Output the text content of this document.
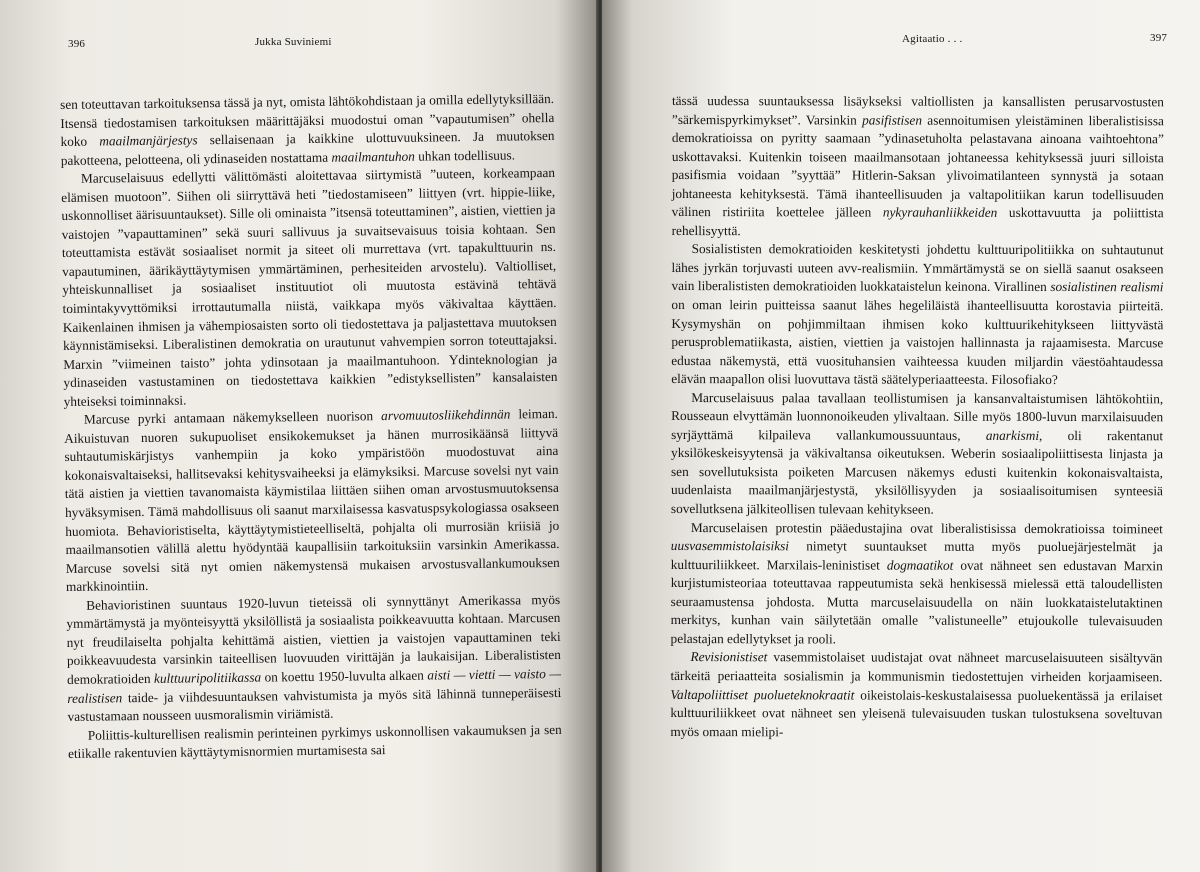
396	Jukka Suviniemi

sen toteuttavan tarkoituksensa tässä ja nyt, omista lähtökohdistaan ja omilla edellytyksillään. Itsensä tiedostamisen tarkoituksen määrittäjäksi muodostui oman ”vapautumisen” ohella koko maailmanjärjestys sellaisenaan ja kaikkine ulottuvuuksineen. Ja muutoksen pakotteena, pelotteena, oli ydinaseiden nostattama maailmantuhon uhkan todellisuus.

Marcuselaisuus edellytti välittömästi aloitettavaa siirtymistä ”uuteen, korkeampaan elämisen muotoon”. Siihen oli siirryttävä heti ”tiedostamiseen” liittyen (vrt. hippie-liike, uskonnolliset äärisuuntaukset). Sille oli ominaista ”itsensä toteuttaminen”, aistien, viettien ja vaistojen ”vapauttaminen” sekä suuri sallivuus ja suvaitsevaisuus toisia kohtaan. Sen toteuttamista estävät sosiaaliset normit ja siteet oli murrettava (vrt. tapakulttuurin ns. vapautuminen, äärikäyttäytymisen ymmärtäminen, perhesiteiden arvostelu). Valtiolliset, yhteiskunnalliset ja sosiaaliset instituutiot oli muutosta estävinä tehtävä toimintakyvyttömiksi irrottautumalla niistä, vaikkapa myös väkivaltaa käyttäen. Kaikenlainen ihmisen ja vähempiosaisten sorto oli tiedostettava ja paljastettava muutoksen käynnistämiseksi. Liberalistinen demokratia on urautunut vahvempien sorron toteuttajaksi. Marxin ”viimeinen taisto” johta ydinsotaan ja maailmantuhoon. Ydinteknologian ja ydinaseiden vastustaminen on tiedostettava kaikkien ”edistyksellisten” kansalaisten yhteiseksi toiminnaksi.

Marcuse pyrki antamaan näkemykselleen nuorison arvomuutosliikehdinnän leiman. Aikuistuvan nuoren sukupuoliset ensikokemukset ja hänen murrosikäänsä liittyvä suhtautumiskärjistys vanhempiin ja koko ympäristöön muodostuvat aina kokonaisvaltaiseksi, hallitsevaksi kehitysvaiheeksi ja elämyksiksi. Marcuse sovelsi nyt vain tätä aistien ja viettien tavanomaista käymistilaa liittäen siihen oman arvostusmuutoksensa hyväksymisen. Tämä mahdollisuus oli saanut marxilaisessa kasvatuspsykologiassa osakseen huomiota. Behavioristiselta, käyttäytymistieteelliseltä, pohjalta oli murrosiän kriisiä jo maailmansotien välillä alettu hyödyntää kaupallisiin tarkoituksiin varsinkin Amerikassa. Marcuse sovelsi sitä nyt omien näkemystensä mukaisen arvostusvallankumouksen markkinointiin.

Behavioristinen suuntaus 1920-luvun tieteissä oli synnyttänyt Amerikassa myös ymmärtämystä ja myönteisyyttä yksilöllistä ja sosiaalista poikkeavuutta kohtaan. Marcusen nyt freudilaiselta pohjalta kehittämä aistien, viettien ja vaistojen vapauttaminen teki poikkeavuudesta varsinkin taiteellisen luovuuden virittäjän ja laukaisijan. Liberalististen demokratioiden kulttuuripolitiikassa on koettu 1950-luvulta alkaen aisti — vietti — vaisto — realistisen taide- ja viihdesuuntauksen vahvistumista ja myös sitä lähinnä tunneperäisesti vastustamaan nousseen uusmoralismin viriämistä.

Poliittis-kulturellisen realismin perinteinen pyrkimys uskonnollisen vakaumuksen ja sen etiikalle rakentuvien käyttäytymisnormien murtamisesta sai

Agitaatio . . .	397

tässä uudessa suuntauksessa lisäykseksi valtiollisten ja kansallisten perusarvostusten ”särkemispyrkimykset”. Varsinkin pasifistisen asennoitumisen yleistäminen liberalistisissa demokratioissa on pyritty saamaan ”ydinasetuholta pelastavana ainoana vaihtoehtona” uskottavaksi. Kuitenkin toiseen maailmansotaan johtaneessa kehityksessä juuri silloista pasifismia voidaan ”syyttää” Hitlerin-Saksan ylivoimatilanteen synnystä ja sotaan johtaneesta kehityksestä. Tämä ihanteellisuuden ja valtapolitiikan karun todellisuuden välinen ristiriita koettelee jälleen nykyrauhanliikkeiden uskottavuutta ja poliittista rehellisyyttä.

Sosialististen demokratioiden keskitetysti johdettu kulttuuripolitiikka on suhtautunut lähes jyrkän torjuvasti uuteen avv-realismiin. Ymmärtämystä se on siellä saanut osakseen vain liberalististen demokratioiden luokkataistelun keinona. Virallinen sosialistinen realismi on oman leirin puitteissa saanut lähes hegeliläistä ihanteellisuutta korostavia piirteitä. Kysymyshän on pohjimmiltaan ihmisen koko kulttuurikehitykseen liittyvästä perusproblematiikasta, aistien, viettien ja vaistojen hallinnasta ja rajaamisesta. Marcuse edustaa näkemystä, että vuosituhansien vaihteessa kuuden miljardin väestöahtaudessa elävän maapallon olisi luovuttava tästä säätelyperiaatteesta. Filosofiako?

Marcuselaisuus palaa tavallaan teollistumisen ja kansanvaltaistumisen lähtökohtiin, Rousseaun elvyttämän luonnonoikeuden ylivaltaan. Sille myös 1800-luvun marxilaisuuden syrjäyttämä kilpaileva vallankumoussuuntaus, anarkismi, oli rakentanut yksilökeskeisyytensä ja väkivaltansa oikeutuksen. Weberin sosiaalipoliittisesta linjasta ja sen sovellutuksista poiketen Marcusen näkemys edusti kuitenkin kokonaisvaltaista, uudenlaista maailmanjärjestystä, yksilöllisyyden ja sosiaalisoitumisen synteesiä sovellutksena jälkiteollisen tulevaan kehitykseen.

Marcuselaisen protestin pääedustajina ovat liberalistisissa demokratioissa toimineet uusvasemmistolaisiksi nimetyt suuntaukset mutta myös puoluejärjestelmät ja kulttuuriliikkeet. Marxilais-leninistiset dogmaatikot ovat nähneet sen edustavan Marxin kurjistumisteoriaa toteuttavaa rappeutumista sekä henkisessä mielessä että taloudellisten seuraamustensa johdosta. Mutta marcuselaisuudella on näin luokkataistelutaktinen merkitys, kunhan vain säilytetään omalle ”valistuneelle” etujoukolle tulevaisuuden pelastajan edellytykset ja rooli.

Revisionistiset vasemmistolaiset uudistajat ovat nähneet marcuselaisuuteen sisältyvän tärkeitä periaatteita sosialismin ja kommunismin tiedostettujen virheiden korjaamiseen. Valtapoliittiset puolueteknokraatit oikeistolais-keskustalaisessa puoluekentässä ja erilaiset kulttuuriliikkeet ovat nähneet sen yleisenä tulevaisuuden tuskan tulostuksena soveltuvan myös omaan mielipi-
